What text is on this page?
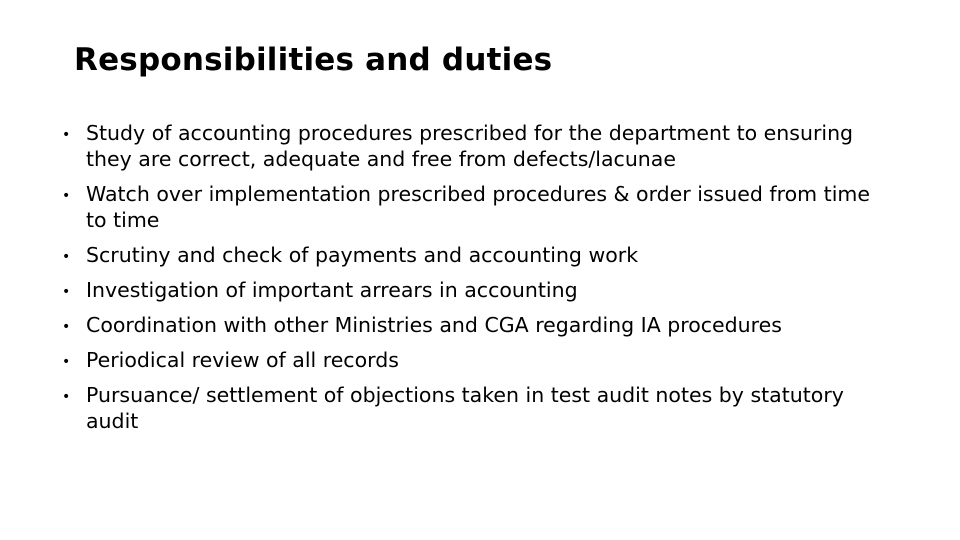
Responsibilities and duties
• Study of accounting procedures prescribed for the department to ensuring they are correct, adequate and free from defects/lacunae
• Watch over implementation prescribed procedures & order issued from time to time
• Scrutiny and check of payments and accounting work
• Investigation of important arrears in accounting
• Coordination with other Ministries and CGA regarding IA procedures
• Periodical review of all records
• Pursuance/ settlement of objections taken in test audit notes by statutory audit
